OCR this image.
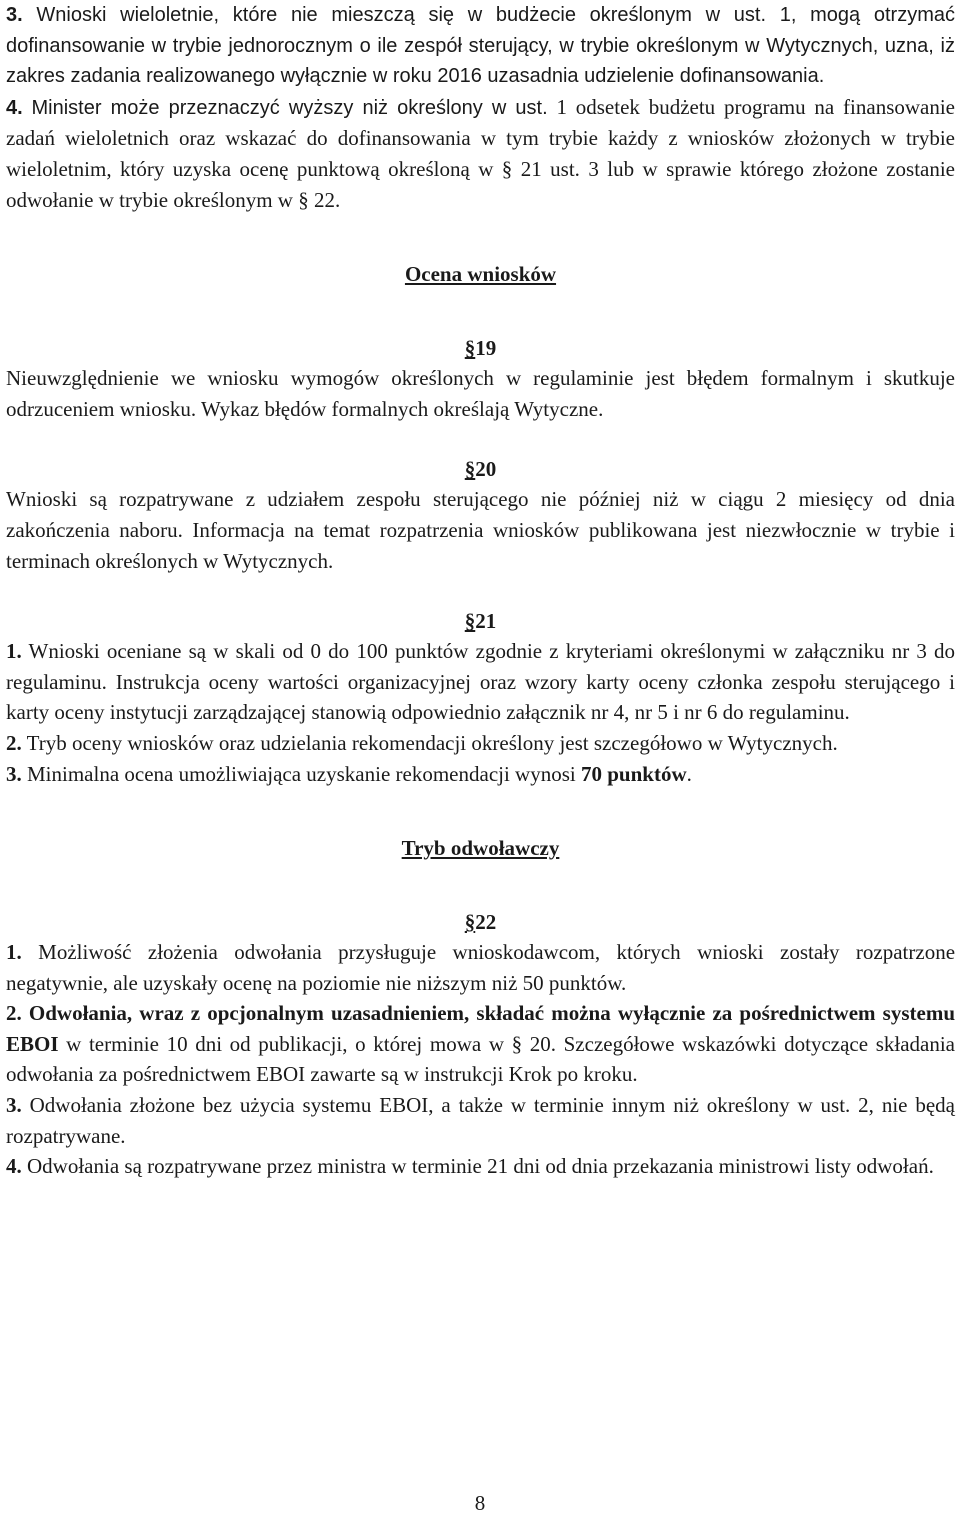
3. Wnioski wieloletnie, które nie mieszczą się w budżecie określonym w ust. 1, mogą otrzymać dofinansowanie w trybie jednorocznym o ile zespół sterujący, w trybie określonym w Wytycznych, uzna, iż zakres zadania realizowanego wyłącznie w roku 2016 uzasadnia udzielenie dofinansowania.

4. Minister może przeznaczyć wyższy niż określony w ust. 1 odsetek budżetu programu na finansowanie zadań wieloletnich oraz wskazać do dofinansowania w tym trybie każdy z wniosków złożonych w trybie wieloletnim, który uzyska ocenę punktową określoną w § 21 ust. 3 lub w sprawie którego złożone zostanie odwołanie w trybie określonym w § 22.

Ocena wniosków

§19

Nieuwzględnienie we wniosku wymogów określonych w regulaminie jest błędem formalnym i skutkuje odrzuceniem wniosku. Wykaz błędów formalnych określają Wytyczne.

§20

Wnioski są rozpatrywane z udziałem zespołu sterującego nie później niż w ciągu 2 miesięcy od dnia zakończenia naboru. Informacja na temat rozpatrzenia wniosków publikowana jest niezwłocznie w trybie i terminach określonych w Wytycznych.

§21

1. Wnioski oceniane są w skali od 0 do 100 punktów zgodnie z kryteriami określonymi w załączniku nr 3 do regulaminu. Instrukcja oceny wartości organizacyjnej oraz wzory karty oceny członka zespołu sterującego i karty oceny instytucji zarządzającej stanowią odpowiednio załącznik nr 4, nr 5 i nr 6 do regulaminu.

2. Tryb oceny wniosków oraz udzielania rekomendacji określony jest szczegółowo w Wytycznych.

3. Minimalna ocena umożliwiająca uzyskanie rekomendacji wynosi 70 punktów.

Tryb odwoławczy

§22

1. Możliwość złożenia odwołania przysługuje wnioskodawcom, których wnioski zostały rozpatrzone negatywnie, ale uzyskały ocenę na poziomie nie niższym niż 50 punktów.

2. Odwołania, wraz z opcjonalnym uzasadnieniem, składać można wyłącznie za pośrednictwem systemu EBOI w terminie 10 dni od publikacji, o której mowa w § 20. Szczegółowe wskazówki dotyczące składania odwołania za pośrednictwem EBOI zawarte są w instrukcji Krok po kroku.

3. Odwołania złożone bez użycia systemu EBOI, a także w terminie innym niż określony w ust. 2, nie będą rozpatrywane.

4. Odwołania są rozpatrywane przez ministra w terminie 21 dni od dnia przekazania ministrowi listy odwołań.

8
